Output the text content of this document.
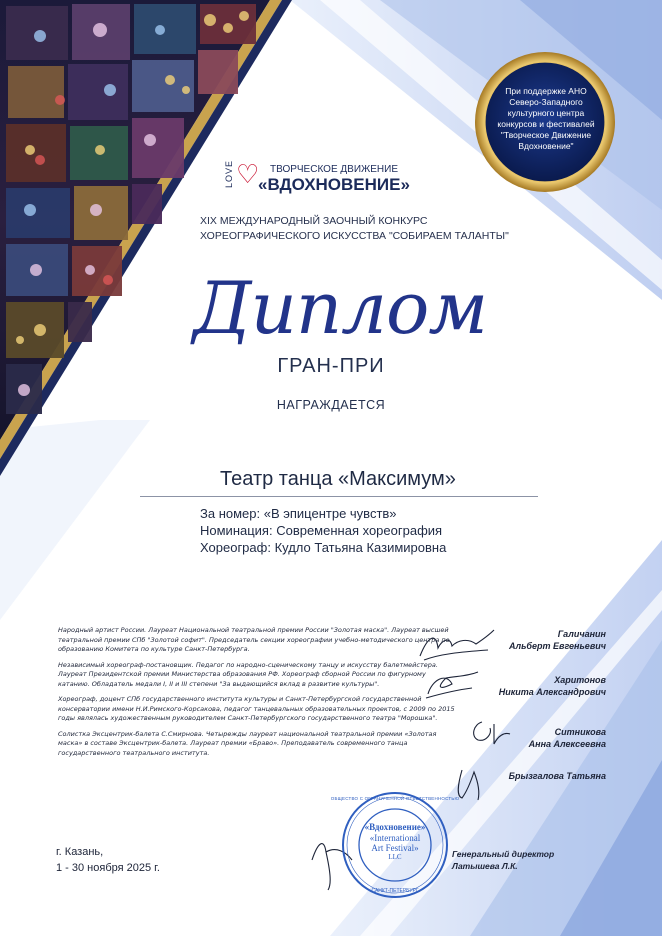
При поддержке АНО Северо-Западного культурного центра конкурсов и фестивалей "Творческое Движение Вдохновение"
«Вдохновение»
«International
Art Festival»
LLC
ОБЩЕСТВО С ОГРАНИЧЕННОЙ ОТВЕТСТВЕННОСТЬЮ
САНКТ-ПЕТЕРБУРГ
LOVE ♡ ТВОРЧЕСКОЕ ДВИЖЕНИЕ
«ВДОХНОВЕНИЕ»
XIX МЕЖДУНАРОДНЫЙ ЗАОЧНЫЙ КОНКУРС
ХОРЕОГРАФИЧЕСКОГО ИСКУССТВА "СОБИРАЕМ ТАЛАНТЫ"
Диплом
ГРАН-ПРИ
НАГРАЖДАЕТСЯ
Театр танца «Максимум»
За номер: «В эпицентре чувств»
Номинация: Современная хореография
Хореограф: Кудло Татьяна Казимировна

Народный артист России. Лауреат Национальной театральной премии России "Золотая маска". Лауреат высшей театральной премии СПб "Золотой софит". Председатель секции хореографии учебно-методического центра по образованию Комитета по культуре Санкт-Петербурга.

Независимый хореограф-постановщик. Педагог по народно-сценическому танцу и искусству балетмейстера. Лауреат Президентской премии Министерства образования РФ. Хореограф сборной России по фигурному катанию. Обладатель медали I, II и III степени "За выдающийся вклад в развитие культуры".

Хореограф, доцент СПб государственного института культуры и Санкт-Петербургской государственной консерватории имени Н.И.Римского-Корсакова, педагог танцевальных образовательных проектов, с 2009 по 2015 годы являлась художественным руководителем Санкт-Петербургского государственного театра "Морошка".

Солистка Эксцентрик-балета С.Смирнова. Четырежды лауреат национальной театральной премии «Золотая маска» в составе Эксцентрик-балета. Лауреат премии «Браво». Преподаватель современного танца государственного театрального института.

Галичанин
Альберт Евгеньевич
Харитонов
Никита Александрович
Ситникова
Анна Алексеевна
Брызгалова Татьяна
г. Казань,
1 - 30 ноября 2025 г.
Генеральный директор
Латышева Л.К.
